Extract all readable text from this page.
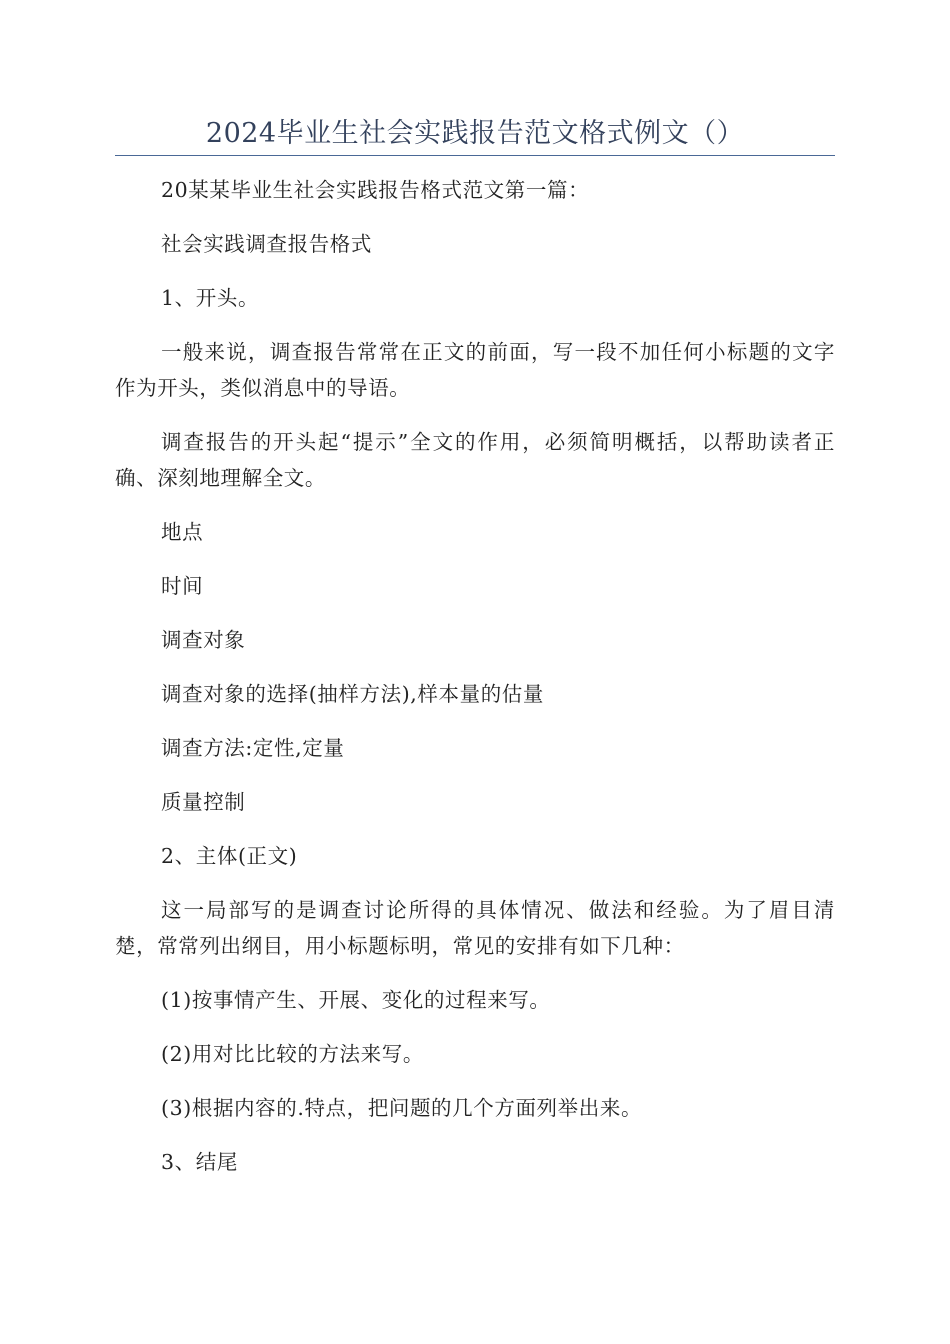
2024毕业生社会实践报告范文格式例文（）

20某某毕业生社会实践报告格式范文第一篇：

社会实践调查报告格式

1、开头。

一般来说，调查报告常常在正文的前面，写一段不加任何小标题的文字作为开头，类似消息中的导语。

调查报告的开头起“提示”全文的作用，必须简明概括，以帮助读者正确、深刻地理解全文。

地点

时间

调查对象

调查对象的选择(抽样方法),样本量的估量

调查方法:定性,定量

质量控制

2、主体(正文)

这一局部写的是调查讨论所得的具体情况、做法和经验。为了眉目清楚，常常列出纲目，用小标题标明，常见的安排有如下几种：

(1)按事情产生、开展、变化的过程来写。

(2)用对比比较的方法来写。

(3)根据内容的.特点，把问题的几个方面列举出来。

3、结尾
